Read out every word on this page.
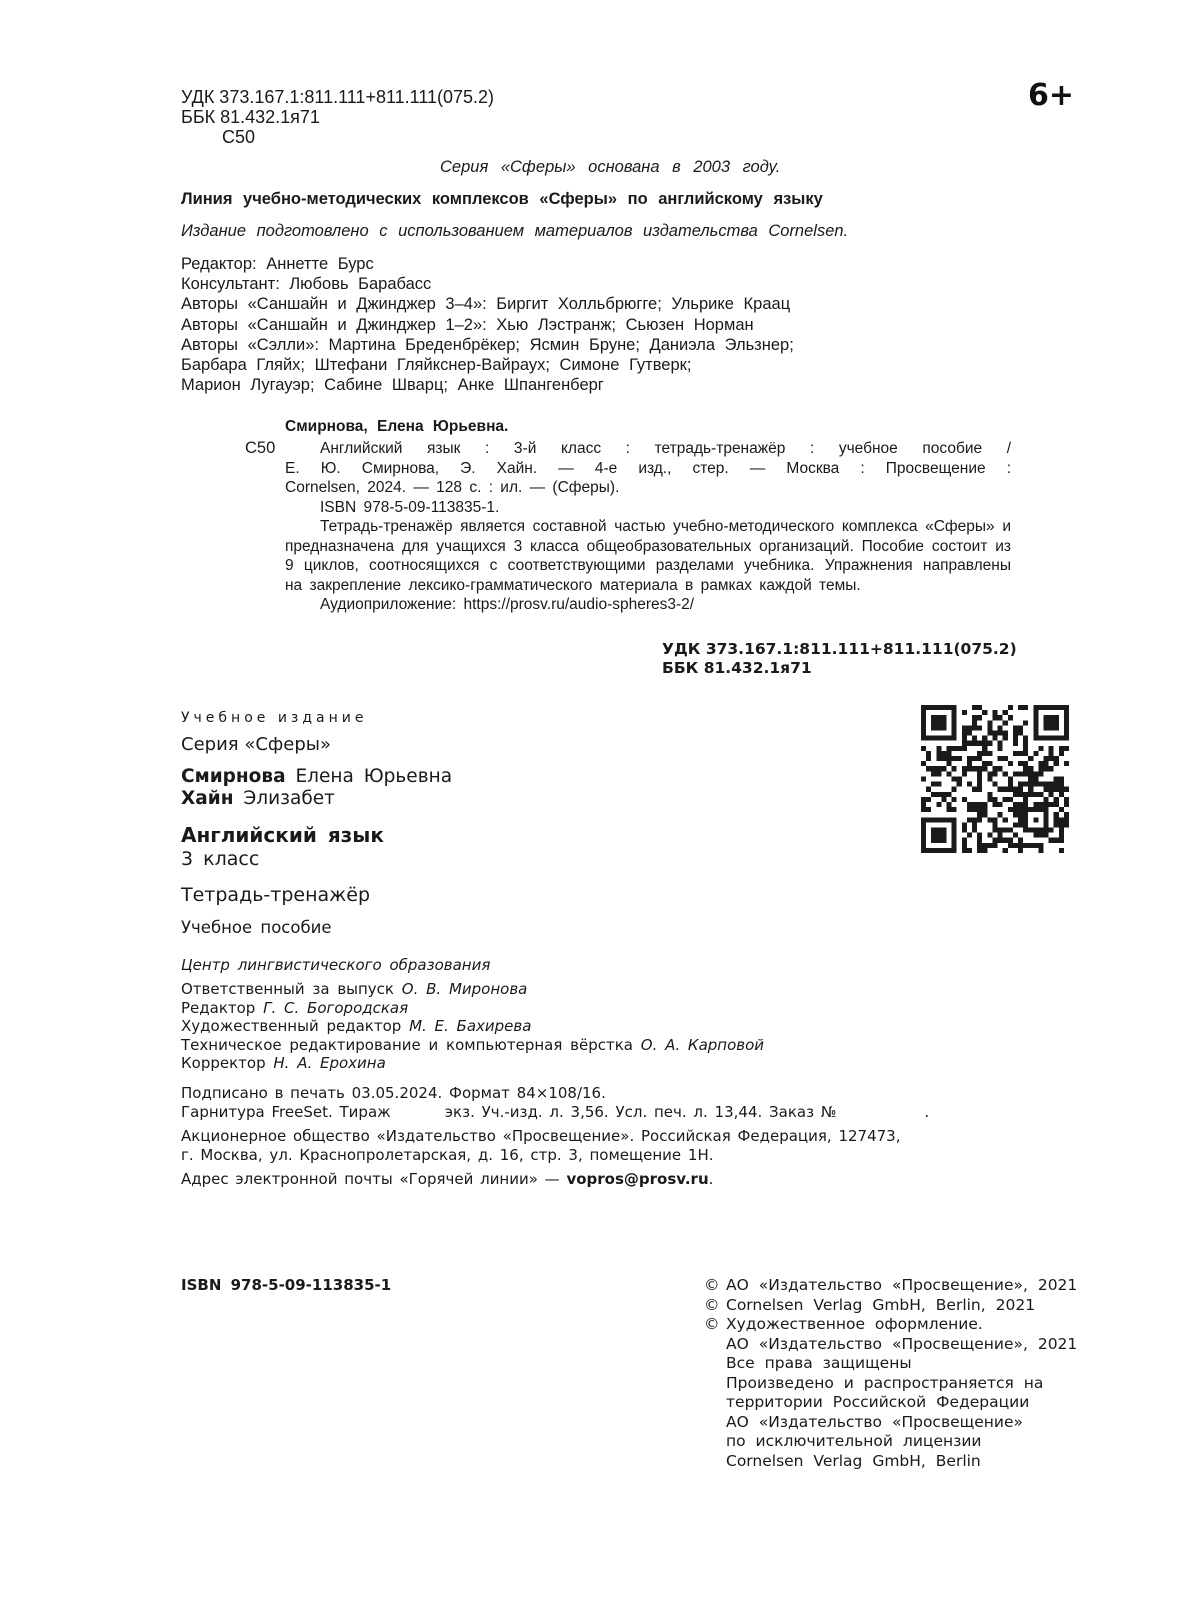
УДК 373.167.1:811.111+811.111(075.2)
ББК 81.432.1я71
С50
6+
Серия «Сферы» основана в 2003 году.
Линия учебно-методических комплексов «Сферы» по английскому языку
Издание подготовлено с использованием материалов издательства Cornelsen.
Редактор: Аннетте Бурс
Консультант: Любовь Барабасс
Авторы «Саншайн и Джинджер 3–4»: Биргит Холльбрюгге; Ульрике Краац
Авторы «Саншайн и Джинджер 1–2»: Хью Лэстранж; Сьюзен Норман
Авторы «Сэлли»: Мартина Бреденбрёкер; Ясмин Бруне; Даниэла Эльзнер;
Барбара Гляйх; Штефани Гляйкснер-Вайраух; Симоне Гутверк;
Марион Лугауэр; Сабине Шварц; Анке Шпангенберг
Смирнова, Елена Юрьевна.
С50	Английский язык : 3-й класс : тетрадь-тренажёр : учебное пособие /

Е. Ю. Смирнова, Э. Хайн. — 4-е изд., стер. — Москва : Просвещение :

Cornelsen, 2024. — 128 с. : ил. — (Сферы).

ISBN 978-5-09-113835-1.

Тетрадь-тренажёр является составной частью учебно-методического комплекса «Сферы» и предназначена для учащихся 3 класса общеобразовательных организаций. Пособие состоит из 9 циклов, соотносящихся с соответствующими разделами учебника. Упражнения направлены на закрепление лексико-грамматического материала в рамках каждой темы.

Аудиоприложение: https://prosv.ru/audio-spheres3-2/

УДК 373.167.1:811.111+811.111(075.2)
ББК 81.432.1я71
Учебное издание
Серия «Сферы»
Смирнова Елена Юрьевна
Хайн Элизабет
Английский язык
3 класс
Тетрадь-тренажёр
Учебное пособие
Центр лингвистического образования
Ответственный за выпуск О. В. Миронова
Редактор Г. С. Богородская
Художественный редактор М. Е. Бахирева
Техническое редактирование и компьютерная вёрстка О. А. Карповой
Корректор Н. А. Ерохина
Подписано в печать 03.05.2024. Формат 84×108/16.
Гарнитура FreeSet. Тираж        экз. Уч.-изд. л. 3,56. Усл. печ. л. 13,44. Заказ №             .
Акционерное общество «Издательство «Просвещение». Российская Федерация, 127473,
г. Москва, ул. Краснопролетарская, д. 16, стр. 3, помещение 1Н.
Адрес электронной почты «Горячей линии» — vopros@prosv.ru.
ISBN 978-5-09-113835-1	© АО «Издательство «Просвещение», 2021
© Cornelsen Verlag GmbH, Berlin, 2021
© Художественное оформление.
АО «Издательство «Просвещение», 2021
Все права защищены
Произведено и распространяется на
территории Российской Федерации
АО «Издательство «Просвещение»
по исключительной лицензии
Cornelsen Verlag GmbH, Berlin
